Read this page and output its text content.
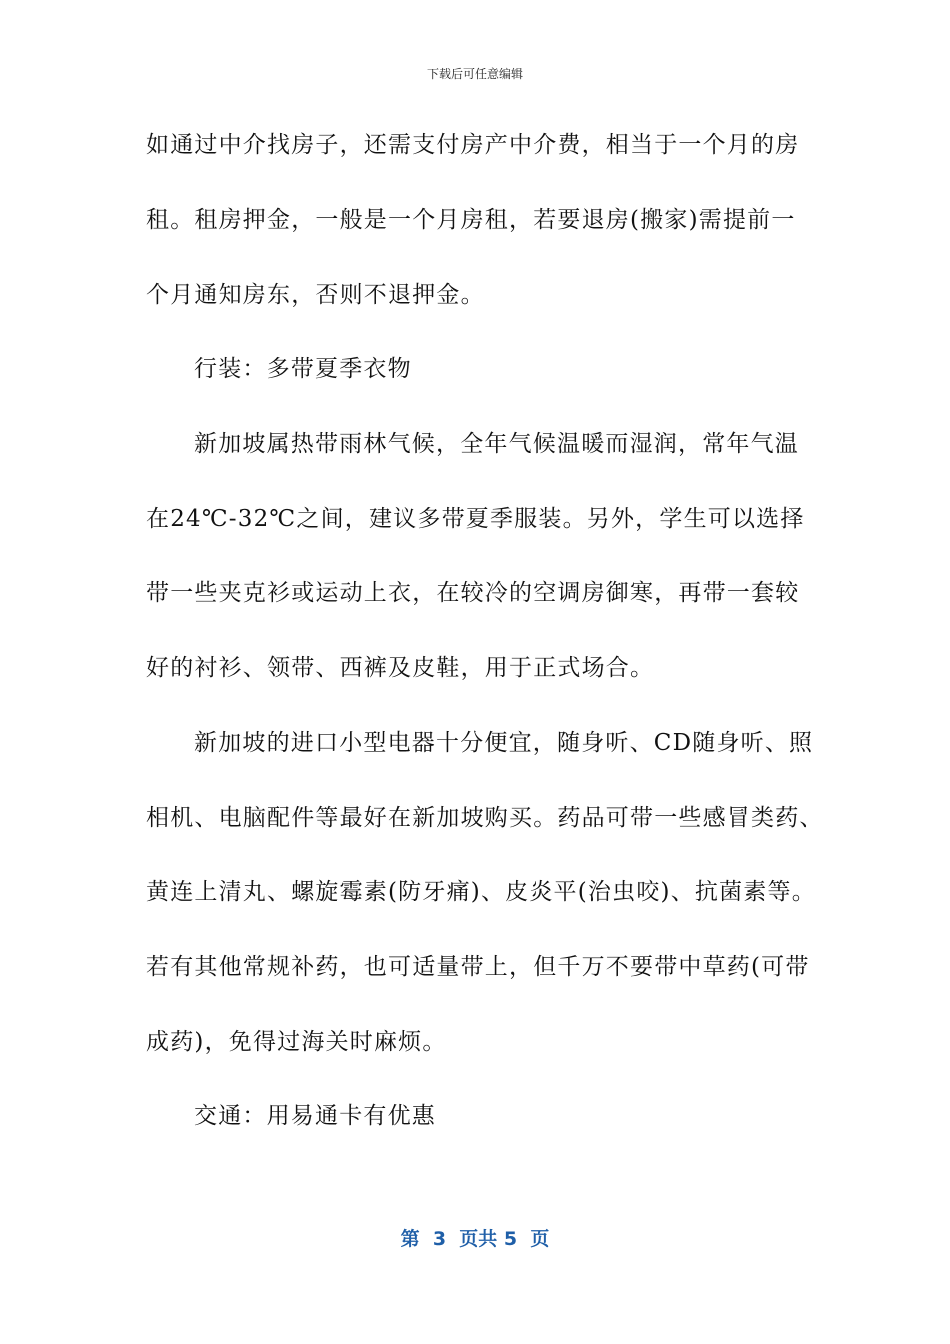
下载后可任意编辑
如通过中介找房子，还需支付房产中介费，相当于一个月的房
租。租房押金，一般是一个月房租，若要退房(搬家)需提前一
个月通知房东，否则不退押金。
行装：多带夏季衣物
新加坡属热带雨林气候，全年气候温暖而湿润，常年气温
在24℃-32℃之间，建议多带夏季服装。另外，学生可以选择
带一些夹克衫或运动上衣，在较冷的空调房御寒，再带一套较
好的衬衫、领带、西裤及皮鞋，用于正式场合。
新加坡的进口小型电器十分便宜，随身听、CD随身听、照
相机、电脑配件等最好在新加坡购买。药品可带一些感冒类药、
黄连上清丸、螺旋霉素(防牙痛)、皮炎平(治虫咬)、抗菌素等。
若有其他常规补药，也可适量带上，但千万不要带中草药(可带
成药)，免得过海关时麻烦。
交通：用易通卡有优惠
第  3  页共 5  页
